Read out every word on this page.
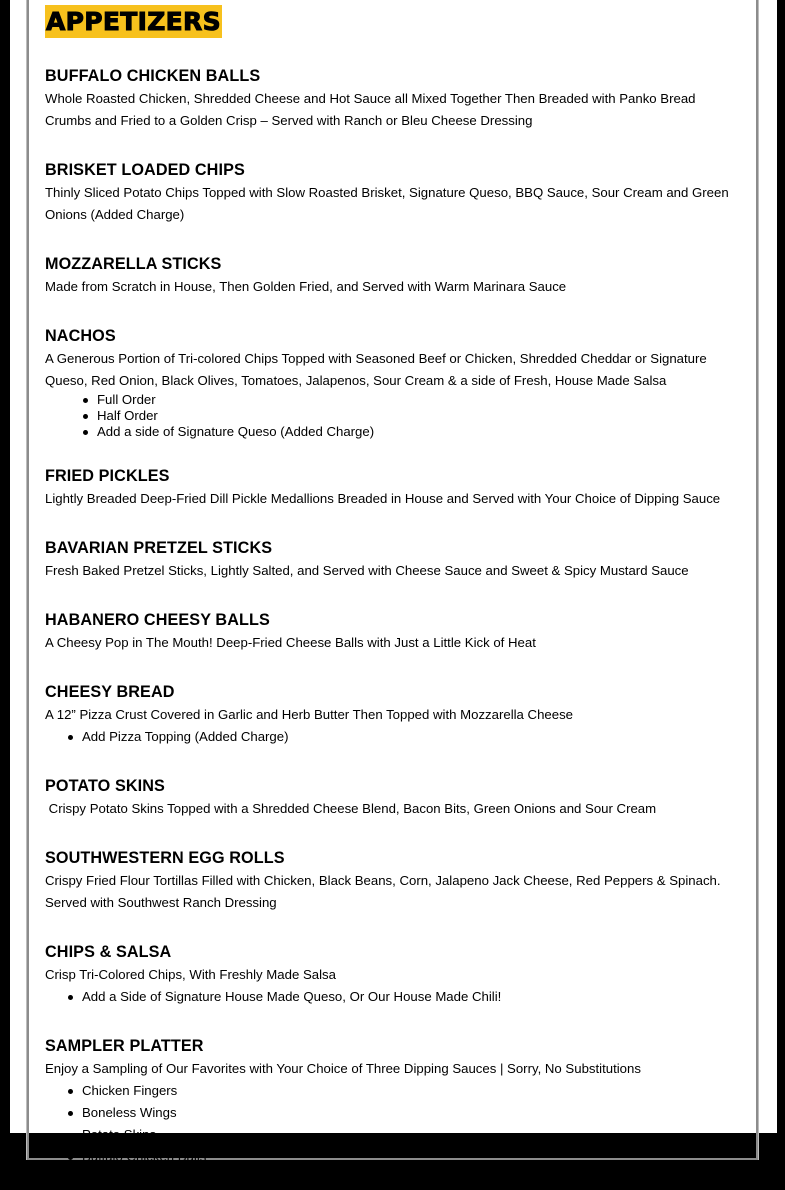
APPETIZERS
BUFFALO CHICKEN BALLS

Whole Roasted Chicken, Shredded Cheese and Hot Sauce all Mixed Together Then Breaded with Panko Bread Crumbs and Fried to a Golden Crisp – Served with Ranch or Bleu Cheese Dressing

BRISKET LOADED CHIPS

Thinly Sliced Potato Chips Topped with Slow Roasted Brisket, Signature Queso, BBQ Sauce, Sour Cream and Green Onions (Added Charge)

MOZZARELLA STICKS

Made from Scratch in House, Then Golden Fried, and Served with Warm Marinara Sauce

NACHOS

A Generous Portion of Tri-colored Chips Topped with Seasoned Beef or Chicken, Shredded Cheddar or Signature Queso, Red Onion, Black Olives, Tomatoes, Jalapenos, Sour Cream & a side of Fresh, House Made Salsa

Full Order
Half Order
Add a side of Signature Queso (Added Charge)
FRIED PICKLES

Lightly Breaded Deep-Fried Dill Pickle Medallions Breaded in House and Served with Your Choice of Dipping Sauce

BAVARIAN PRETZEL STICKS

Fresh Baked Pretzel Sticks, Lightly Salted, and Served with Cheese Sauce and Sweet & Spicy Mustard Sauce

HABANERO CHEESY BALLS

A Cheesy Pop in The Mouth! Deep-Fried Cheese Balls with Just a Little Kick of Heat

CHEESY BREAD

A 12” Pizza Crust Covered in Garlic and Herb Butter Then Topped with Mozzarella Cheese

Add Pizza Topping (Added Charge)
POTATO SKINS

Crispy Potato Skins Topped with a Shredded Cheese Blend, Bacon Bits, Green Onions and Sour Cream

SOUTHWESTERN EGG ROLLS

Crispy Fried Flour Tortillas Filled with Chicken, Black Beans, Corn, Jalapeno Jack Cheese, Red Peppers & Spinach. Served with Southwest Ranch Dressing

CHIPS & SALSA

Crisp Tri-Colored Chips, With Freshly Made Salsa

Add a Side of Signature House Made Queso, Or Our House Made Chili!
SAMPLER PLATTER

Enjoy a Sampling of Our Favorites with Your Choice of Three Dipping Sauces | Sorry, No Substitutions

Chicken Fingers
Boneless Wings
Potato Skins
Buffalo Chicken Balls
Southwestern Egg Rolls
